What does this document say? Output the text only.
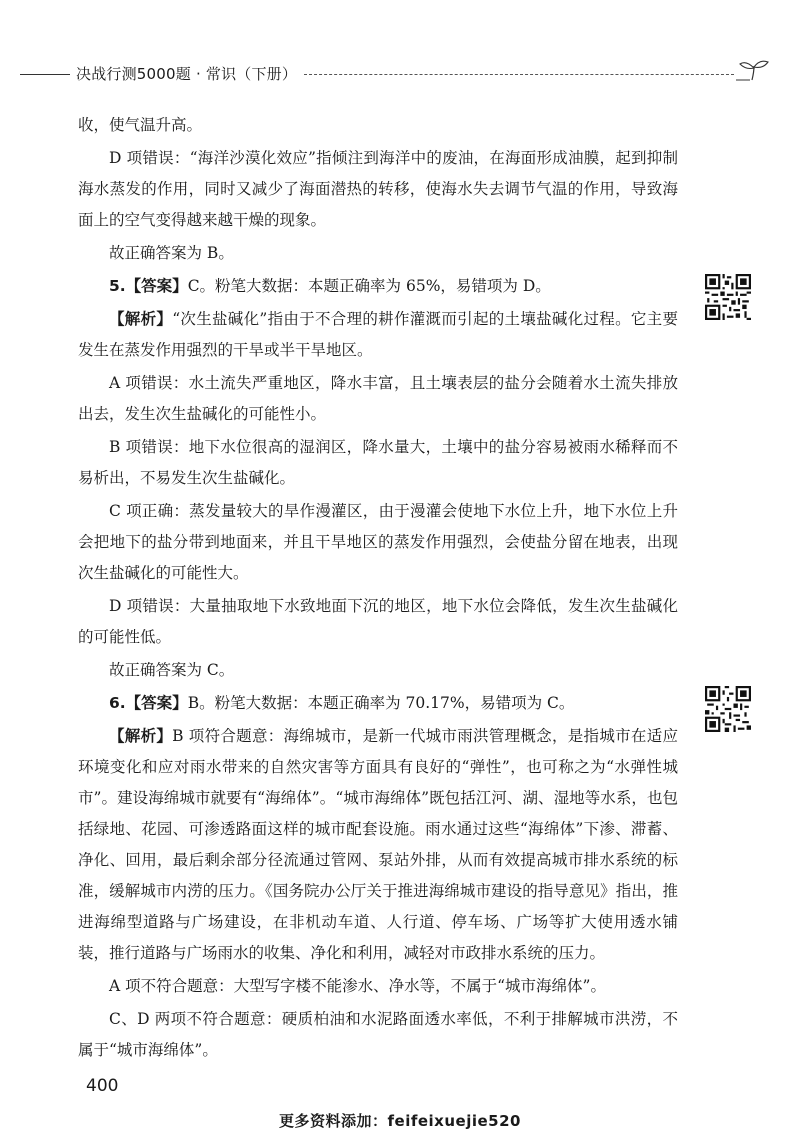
决战行测5000题 · 常识（下册）

收，使气温升高。

D 项错误：“海洋沙漠化效应”指倾注到海洋中的废油，在海面形成油膜，起到抑制海水蒸发的作用，同时又减少了海面潜热的转移，使海水失去调节气温的作用，导致海面上的空气变得越来越干燥的现象。

故正确答案为 B。

5.【答案】C。粉笔大数据：本题正确率为 65%，易错项为 D。

【解析】“次生盐碱化”指由于不合理的耕作灌溉而引起的土壤盐碱化过程。它主要发生在蒸发作用强烈的干旱或半干旱地区。

A 项错误：水土流失严重地区，降水丰富，且土壤表层的盐分会随着水土流失排放出去，发生次生盐碱化的可能性小。

B 项错误：地下水位很高的湿润区，降水量大，土壤中的盐分容易被雨水稀释而不易析出，不易发生次生盐碱化。

C 项正确：蒸发量较大的旱作漫灌区，由于漫灌会使地下水位上升，地下水位上升会把地下的盐分带到地面来，并且干旱地区的蒸发作用强烈，会使盐分留在地表，出现次生盐碱化的可能性大。

D 项错误：大量抽取地下水致地面下沉的地区，地下水位会降低，发生次生盐碱化的可能性低。

故正确答案为 C。

6.【答案】B。粉笔大数据：本题正确率为 70.17%，易错项为 C。

【解析】B 项符合题意：海绵城市，是新一代城市雨洪管理概念，是指城市在适应环境变化和应对雨水带来的自然灾害等方面具有良好的“弹性”，也可称之为“水弹性城市”。建设海绵城市就要有“海绵体”。“城市海绵体”既包括江河、湖、湿地等水系，也包括绿地、花园、可渗透路面这样的城市配套设施。雨水通过这些“海绵体”下渗、滞蓄、净化、回用，最后剩余部分径流通过管网、泵站外排，从而有效提高城市排水系统的标准，缓解城市内涝的压力。《国务院办公厅关于推进海绵城市建设的指导意见》指出，推进海绵型道路与广场建设，在非机动车道、人行道、停车场、广场等扩大使用透水铺装，推行道路与广场雨水的收集、净化和利用，减轻对市政排水系统的压力。

A 项不符合题意：大型写字楼不能渗水、净水等，不属于“城市海绵体”。

C、D 两项不符合题意：硬质柏油和水泥路面透水率低，不利于排解城市洪涝，不属于“城市海绵体”。

400
更多资料添加：feifeixuejie520
